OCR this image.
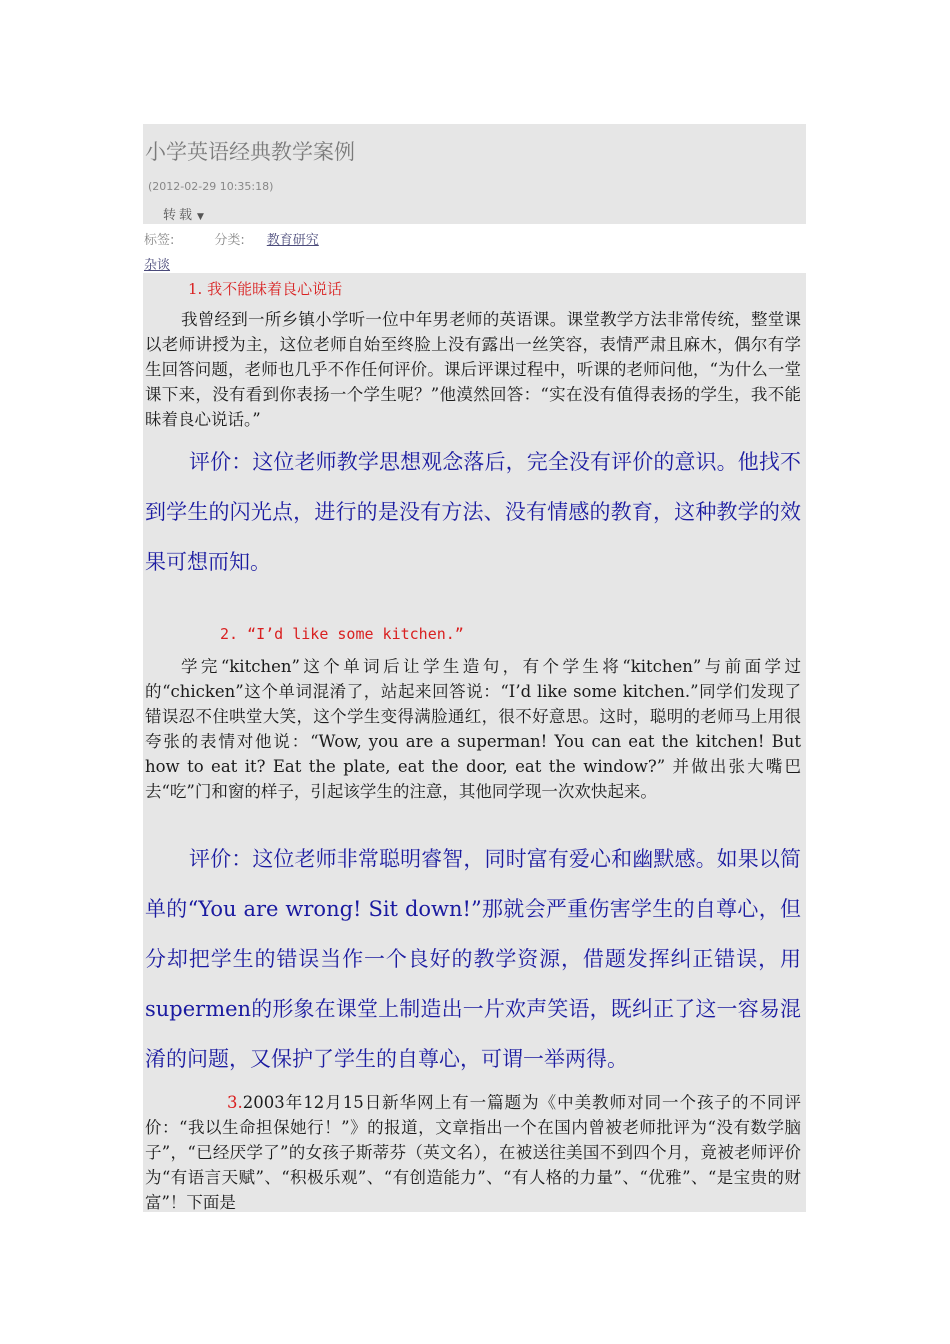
小学英语经典教学案例
(2012-02-29 10:35:18)
转载 ▼
标签:	分类: 教育研究
杂谈

1. 我不能昧着良心说话

我曾经到一所乡镇小学听一位中年男老师的英语课。课堂教学方法非常传统，整堂课以老师讲授为主，这位老师自始至终脸上没有露出一丝笑容，表情严肃且麻木，偶尔有学生回答问题，老师也几乎不作任何评价。课后评课过程中，听课的老师问他，“为什么一堂课下来，没有看到你表扬一个学生呢？”他漠然回答：“实在没有值得表扬的学生，我不能昧着良心说话。”

评价：这位老师教学思想观念落后，完全没有评价的意识。他找不到学生的闪光点，进行的是没有方法、没有情感的教育，这种教学的效果可想而知。

2. “I’d like some kitchen.”

学完“kitchen”这个单词后让学生造句，有个学生将“kitchen”与前面学过的“chicken”这个单词混淆了，站起来回答说：“I’d like some kitchen.”同学们发现了错误忍不住哄堂大笑，这个学生变得满脸通红，很不好意思。这时，聪明的老师马上用很夸张的表情对他说：“Wow, you are a superman! You can eat the kitchen! But how to eat it? Eat the plate, eat the door, eat the window?” 并做出张大嘴巴去“吃”门和窗的样子，引起该学生的注意，其他同学现一次欢快起来。

评价：这位老师非常聪明睿智，同时富有爱心和幽默感。如果以简单的“You are wrong! Sit down!”那就会严重伤害学生的自尊心，但分却把学生的错误当作一个良好的教学资源，借题发挥纠正错误，用supermen的形象在课堂上制造出一片欢声笑语，既纠正了这一容易混淆的问题，又保护了学生的自尊心，可谓一举两得。

3.2003年12月15日新华网上有一篇题为《中美教师对同一个孩子的不同评价：“我以生命担保她行！”》的报道，文章指出一个在国内曾被老师批评为“没有数学脑子”，“已经厌学了”的女孩子斯蒂芬（英文名），在被送往美国不到四个月，竟被老师评价为“有语言天赋”、“积极乐观”、“有创造能力”、“有人格的力量”、“优雅”、“是宝贵的财富”！下面是
